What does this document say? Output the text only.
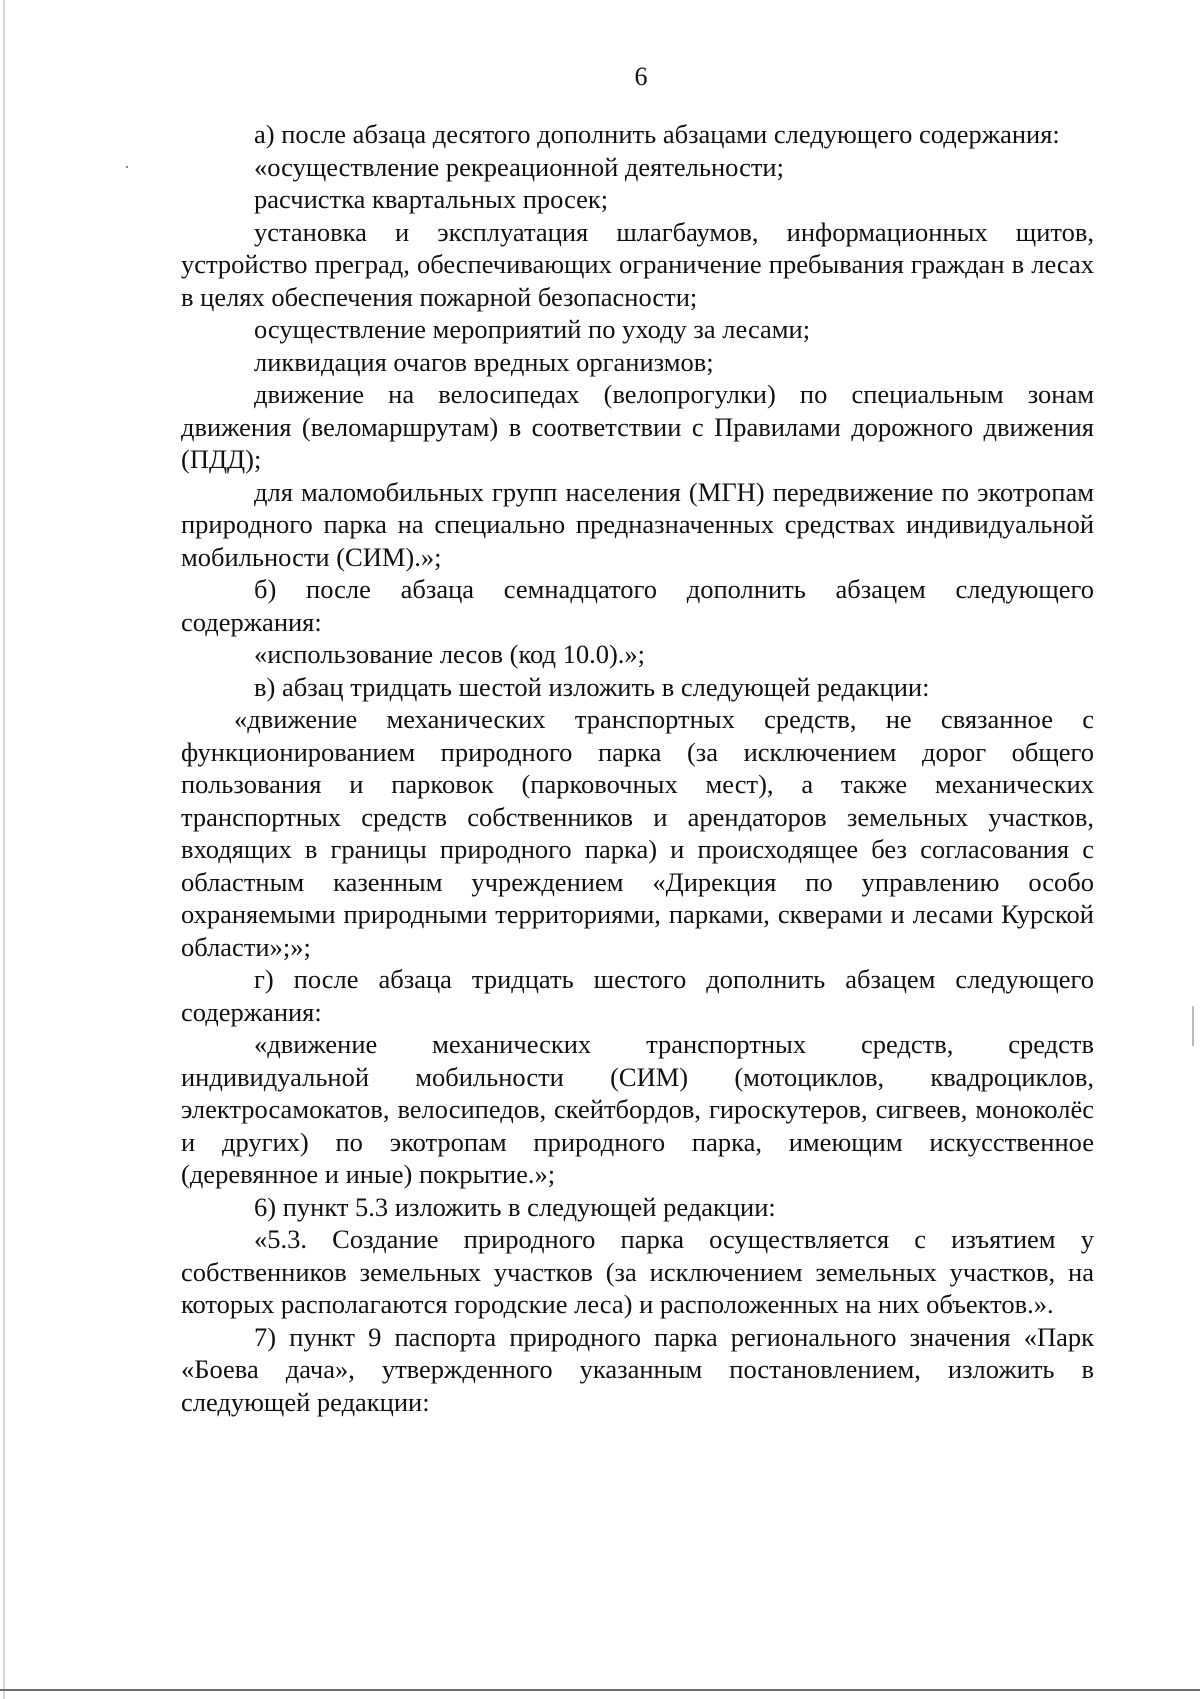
6

а) после абзаца десятого дополнить абзацами следующего содержания:

«осуществление рекреационной деятельности;

расчистка квартальных просек;

установка и эксплуатация шлагбаумов, информационных щитов, устройство преград, обеспечивающих ограничение пребывания граждан в лесах в целях обеспечения пожарной безопасности;

осуществление мероприятий по уходу за лесами;

ликвидация очагов вредных организмов;

движение на велосипедах (велопрогулки) по специальным зонам движения (веломаршрутам) в соответствии с Правилами дорожного движения (ПДД);

для маломобильных групп населения (МГН) передвижение по экотропам природного парка на специально предназначенных средствах индивидуальной мобильности (СИМ).»;

б) после абзаца семнадцатого дополнить абзацем следующего содержания:

«использование лесов (код 10.0).»;

в) абзац тридцать шестой изложить в следующей редакции:

«движение механических транспортных средств, не связанное с функционированием природного парка (за исключением дорог общего пользования и парковок (парковочных мест), а также механических транспортных средств собственников и арендаторов земельных участков, входящих в границы природного парка) и происходящее без согласования с областным казенным учреждением «Дирекция по управлению особо охраняемыми природными территориями, парками, скверами и лесами Курской области»;»;

г) после абзаца тридцать шестого дополнить абзацем следующего содержания:

«движение механических транспортных средств, средств индивидуальной мобильности (СИМ) (мотоциклов, квадроциклов, электросамокатов, велосипедов, скейтбордов, гироскутеров, сигвеев, моноколёс и других) по экотропам природного парка, имеющим искусственное (деревянное и иные) покрытие.»;

6) пункт 5.3 изложить в следующей редакции:

«5.3. Создание природного парка осуществляется с изъятием у собственников земельных участков (за исключением земельных участков, на которых располагаются городские леса) и расположенных на них объектов.».

7) пункт 9 паспорта природного парка регионального значения «Парк «Боева дача», утвержденного указанным постановлением, изложить в следующей редакции:
